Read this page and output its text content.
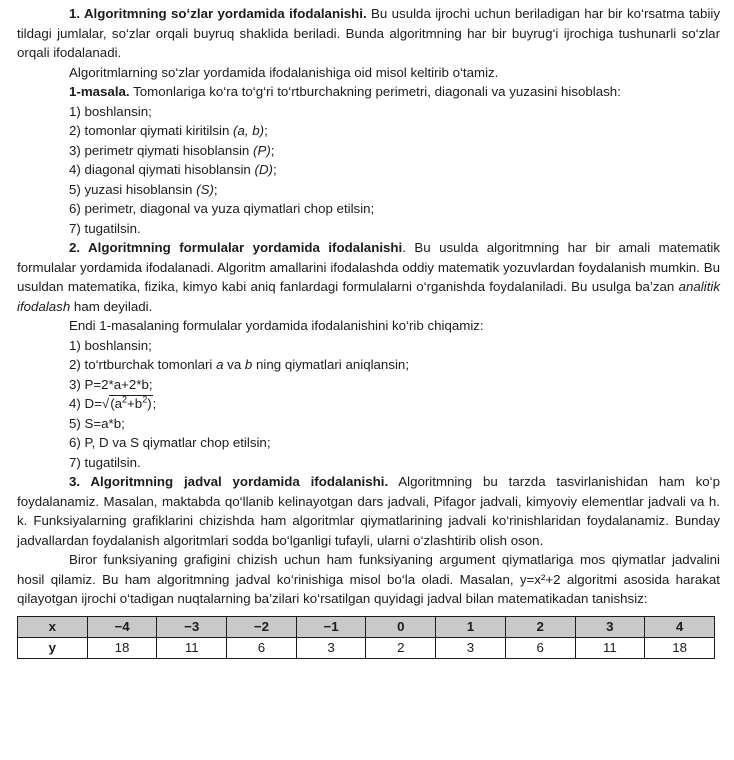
1. Algoritmning so‘zlar yordamida ifodalanishi. Bu usulda ijrochi uchun beriladigan har bir ko‘rsatma tabiiy tildagi jumlalar, so‘zlar orqali buyruq shaklida beriladi. Bunda algoritmning har bir buyrug‘i ijrochiga tushunarli so‘zlar orqali ifodalanadi.

Algoritmlarning so‘zlar yordamida ifodalanishiga oid misol keltirib o‘tamiz.

1-masala. Tomonlariga ko‘ra to‘g‘ri to‘rtburchakning perimetri, diagonali va yuzasini hisoblash:

1) boshlansin;

2) tomonlar qiymati kiritilsin (a, b);

3) perimetr qiymati hisoblansin (P);

4) diagonal qiymati hisoblansin (D);

5) yuzasi hisoblansin (S);

6) perimetr, diagonal va yuza qiymatlari chop etilsin;

7) tugatilsin.

2. Algoritmning formulalar yordamida ifodalanishi. Bu usulda algoritmning har bir amali matematik formulalar yordamida ifodalanadi. Algoritm amallarini ifodalashda oddiy matematik yozuvlardan foydalanish mumkin. Bu usuldan matematika, fizika, kimyo kabi aniq fanlardagi formulalarni o‘rganishda foydalaniladi. Bu usulga ba’zan analitik ifodalash ham deyiladi.

Endi 1-masalaning formulalar yordamida ifodalanishini ko‘rib chiqamiz:

1) boshlansin;

2) to‘rtburchak tomonlari a va b ning qiymatlari aniqlansin;

3) P=2*a+2*b;

4) $D=√(a^2+b^2)$;

5) S=a*b;

6) P, D va S qiymatlar chop etilsin;

7) tugatilsin.

3. Algoritmning jadval yordamida ifodalanishi. Algoritmning bu tarzda tasvirlanishidan ham ko‘p foydalanamiz. Masalan, maktabda qo‘llanib kelinayotgan dars jadvali, Pifagor jadvali, kimyoviy elementlar jadvali va h. k. Funksiyalarning grafiklarini chizishda ham algoritmlar qiymatlarining jadvali ko‘rinishlaridan foydalanamiz. Bunday jadvallardan foydalanish algoritmlari sodda bo‘lganligi tufayli, ularni o‘zlashtirib olish oson.

Biror funksiyaning grafigini chizish uchun ham funksiyaning argument qiymatlariga mos qiymatlar jadvalini hosil qilamiz. Bu ham algoritmning jadval ko‘rinishiga misol bo‘la oladi. Masalan, y=x²+2 algoritmi asosida harakat qilayotgan ijrochi o‘tadigan nuqtalarning ba’zilari ko‘rsatilgan quyidagi jadval bilan matematikadan tanishsiz:

x	−4	−3	−2	−1	0	1	2	3	4
y	18	11	6	3	2	3	6	11	18
